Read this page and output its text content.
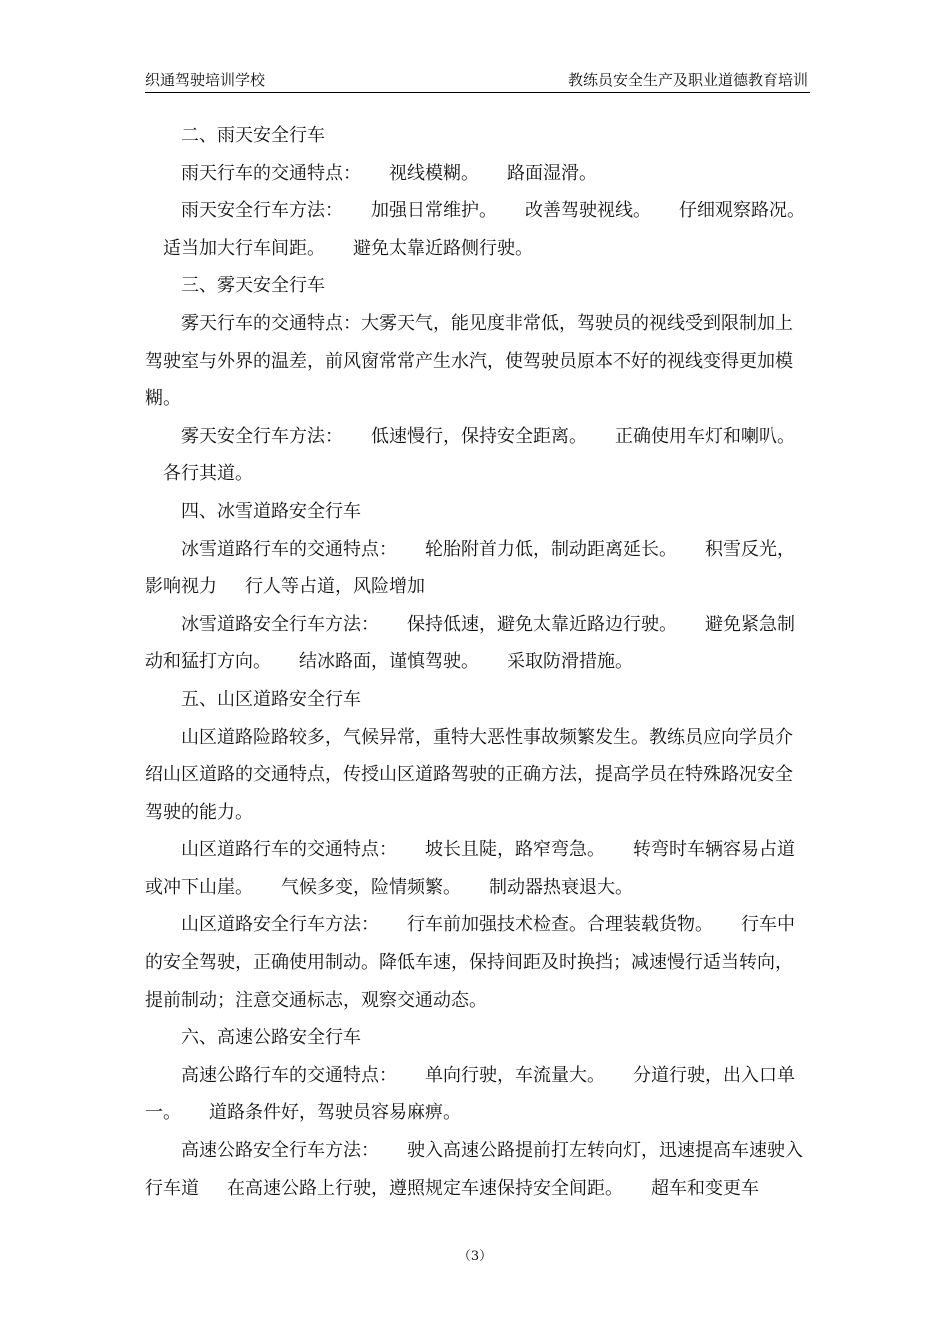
织通驾驶培训学校	教练员安全生产及职业道德教育培训

二、雨天安全行车

雨天行车的交通特点： 视线模糊。 路面湿滑。

雨天安全行车方法： 加强日常维护。 改善驾驶视线。 仔细观察路况。

适当加大行车间距。 避免太靠近路侧行驶。

三、雾天安全行车

雾天行车的交通特点：大雾天气，能见度非常低，驾驶员的视线受到限制加上驾驶室与外界的温差，前风窗常常产生水汽，使驾驶员原本不好的视线变得更加模糊。

雾天安全行车方法： 低速慢行，保持安全距离。 正确使用车灯和喇叭。

各行其道。

四、冰雪道路安全行车

冰雪道路行车的交通特点： 轮胎附首力低，制动距离延长。 积雪反光，

影响视力 行人等占道，风险增加

冰雪道路安全行车方法： 保持低速，避免太靠近路边行驶。 避免紧急制

动和猛打方向。 结冰路面，谨慎驾驶。 采取防滑措施。

五、山区道路安全行车

山区道路险路较多，气候异常，重特大恶性事故频繁发生。教练员应向学员介绍山区道路的交通特点，传授山区道路驾驶的正确方法，提高学员在特殊路况安全驾驶的能力。

山区道路行车的交通特点： 坡长且陡，路窄弯急。 转弯时车辆容易占道

或冲下山崖。 气候多变，险情频繁。 制动器热衰退大。

山区道路安全行车方法： 行车前加强技术检查。合理装载货物。 行车中的安全驾驶，正确使用制动。降低车速，保持间距及时换挡；减速慢行适当转向，提前制动；注意交通标志，观察交通动态。

六、高速公路安全行车

高速公路行车的交通特点： 单向行驶，车流量大。 分道行驶，出入口单一。 道路条件好，驾驶员容易麻痹。

高速公路安全行车方法： 驶入高速公路提前打左转向灯，迅速提高车速驶入行车道 在高速公路上行驶，遵照规定车速保持安全间距。 超车和变更车

（3）
